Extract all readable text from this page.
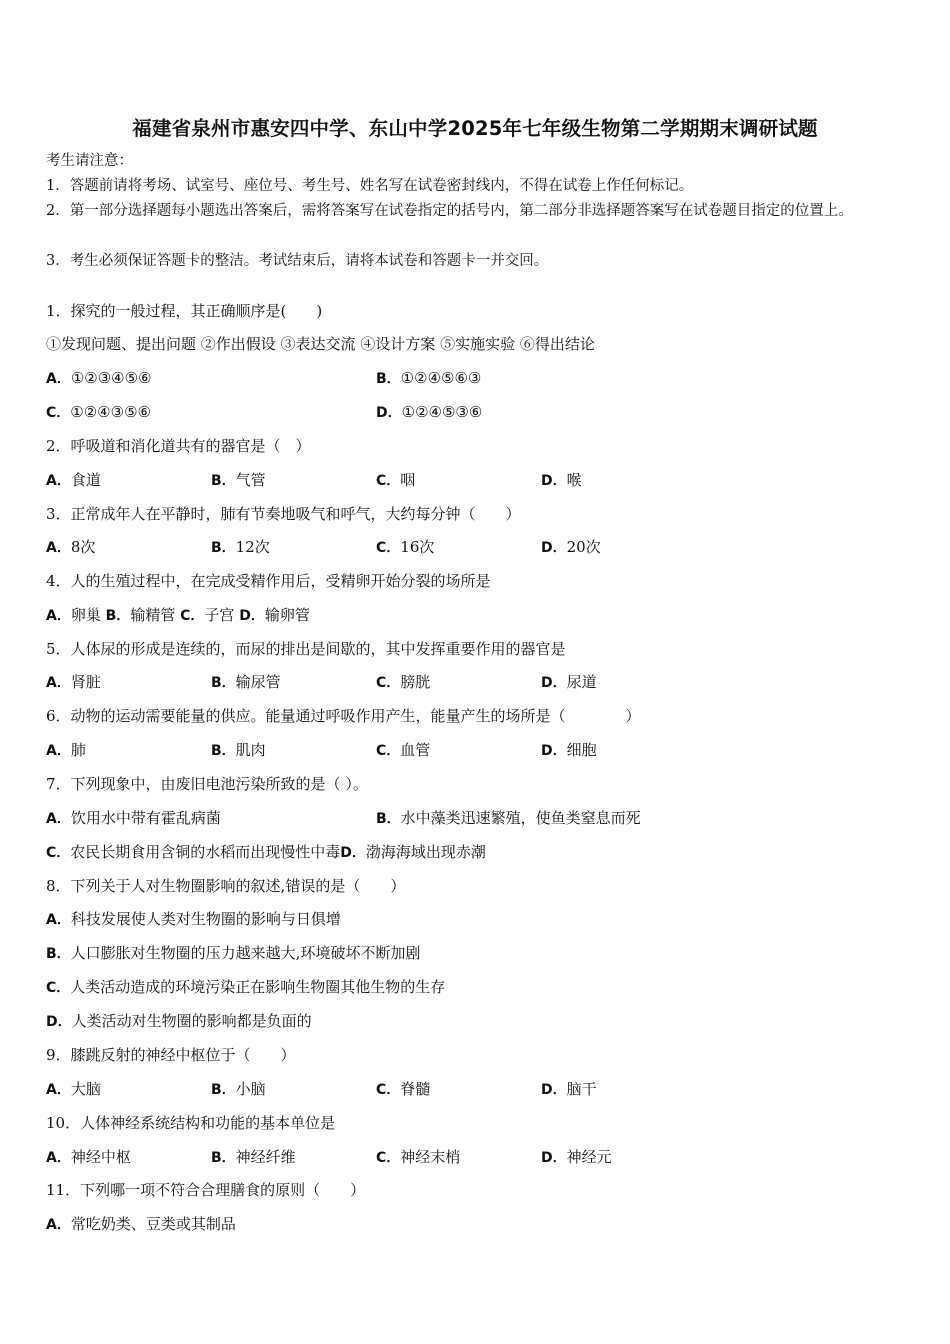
福建省泉州市惠安四中学、东山中学2025年七年级生物第二学期期末调研试题
考生请注意：
1．答题前请将考场、试室号、座位号、考生号、姓名写在试卷密封线内，不得在试卷上作任何标记。
2．第一部分选择题每小题选出答案后，需将答案写在试卷指定的括号内，第二部分非选择题答案写在试卷题目指定的位置上。
3．考生必须保证答题卡的整洁。考试结束后，请将本试卷和答题卡一并交回。
1．探究的一般过程，其正确顺序是(　　)
①发现问题、提出问题 ②作出假设 ③表达交流 ④设计方案 ⑤实施实验 ⑥得出结论
A．①②③④⑤⑥	B．①②④⑤⑥③
C．①②④③⑤⑥	D．①②④⑤③⑥
2．呼吸道和消化道共有的器官是（　）
A．食道	B．气管	C．咽	D．喉
3．正常成年人在平静时，肺有节奏地吸气和呼气，大约每分钟（　　）
A．8次	B．12次	C．16次	D．20次
4．人的生殖过程中，在完成受精作用后，受精卵开始分裂的场所是
A．卵巢 B．输精管 C．子宫 D．输卵管
5．人体尿的形成是连续的，而尿的排出是间歇的，其中发挥重要作用的器官是
A．肾脏	B．输尿管	C．膀胱	D．尿道
6．动物的运动需要能量的供应。能量通过呼吸作用产生，能量产生的场所是（　　　　）
A．肺	B．肌肉	C．血管	D．细胞
7．下列现象中，由废旧电池污染所致的是（ ）。
A．饮用水中带有霍乱病菌	B．水中藻类迅速繁殖，使鱼类窒息而死
C．农民长期食用含铜的水稻而出现慢性中毒D．渤海海域出现赤潮
8．下列关于人对生物圈影响的叙述,错误的是（　　）
A．科技发展使人类对生物圈的影响与日俱增
B．人口膨胀对生物圈的压力越来越大,环境破坏不断加剧
C．人类活动造成的环境污染正在影响生物圈其他生物的生存
D．人类活动对生物圈的影响都是负面的
9．膝跳反射的神经中枢位于（　　）
A．大脑	B．小脑	C．脊髓	D．脑干
10．人体神经系统结构和功能的基本单位是
A．神经中枢	B．神经纤维	C．神经末梢	D．神经元
11．下列哪一项不符合合理膳食的原则（　　）
A．常吃奶类、豆类或其制品
